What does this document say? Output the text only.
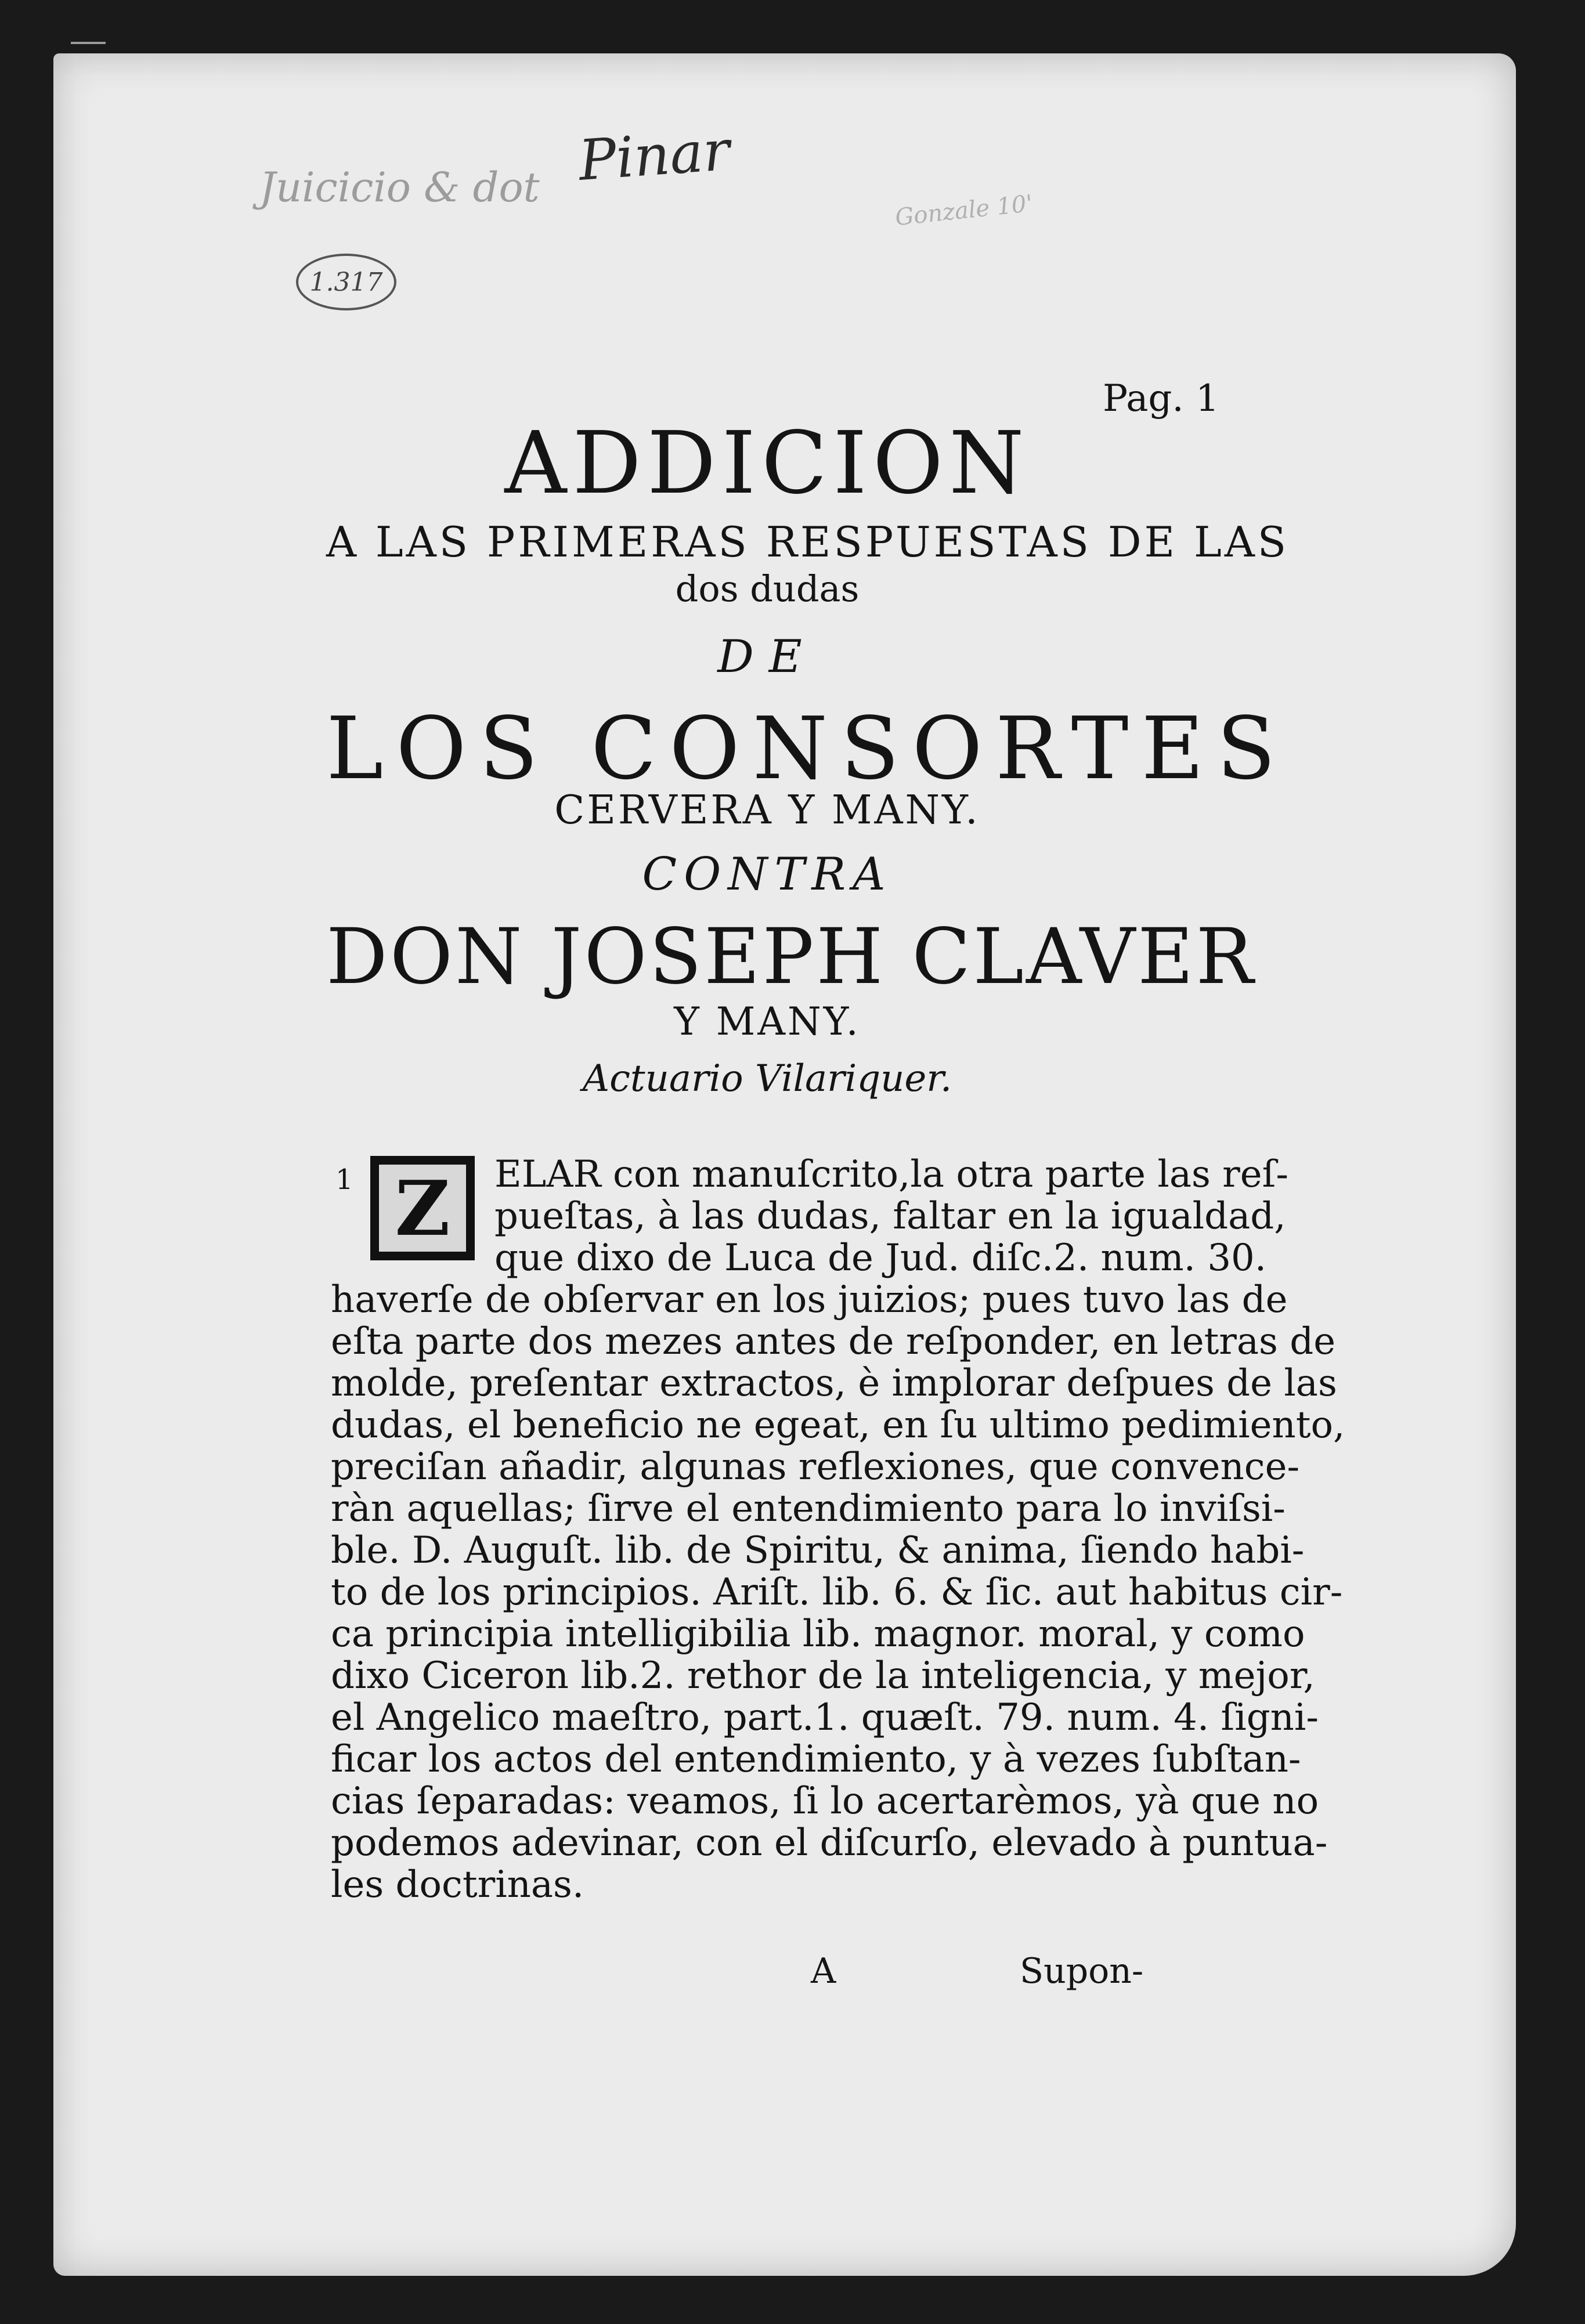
Juicicio & dot Pinar
Gonzale 10'
1.317
Pag. 1
ADDICION
A LAS PRIMERAS RESPUESTAS DE LAS
dos dudas
DE
LOS CONSORTES
CERVERA Y MANY.
CONTRA
DON JOSEPH CLAVER
Y MANY.
Actuario Vilariquer.
1 Z	ELAR con manuſcrito,la otra parte las reſ-
pueſtas, à las dudas, faltar en la igualdad,
que dixo de Luca de Jud. diſc.2. num. 30.
haverſe de obſervar en los juizios; pues tuvo las de
eſta parte dos mezes antes de reſponder, en letras de
molde, preſentar extractos, è implorar deſpues de las
dudas, el beneficio ne egeat, en ſu ultimo pedimiento,
preciſan añadir, algunas reflexiones, que convence-
ràn aquellas; ſirve el entendimiento para lo inviſsi-
ble. D. Auguſt. lib. de Spiritu, & anima, ſiendo habi-
to de los principios. Ariſt. lib. 6. & ſic. aut habitus cir-
ca principia intelligibilia lib. magnor. moral, y como
dixo Ciceron lib.2. rethor de la inteligencia, y mejor,
el Angelico maeſtro, part.1. quæſt. 79. num. 4. ſigni-
ficar los actos del entendimiento, y à vezes ſubſtan-
cias ſeparadas: veamos, ſi lo acertarèmos, yà que no
podemos adevinar, con el diſcurſo, elevado à puntua-
les doctrinas.
A	Supon-
